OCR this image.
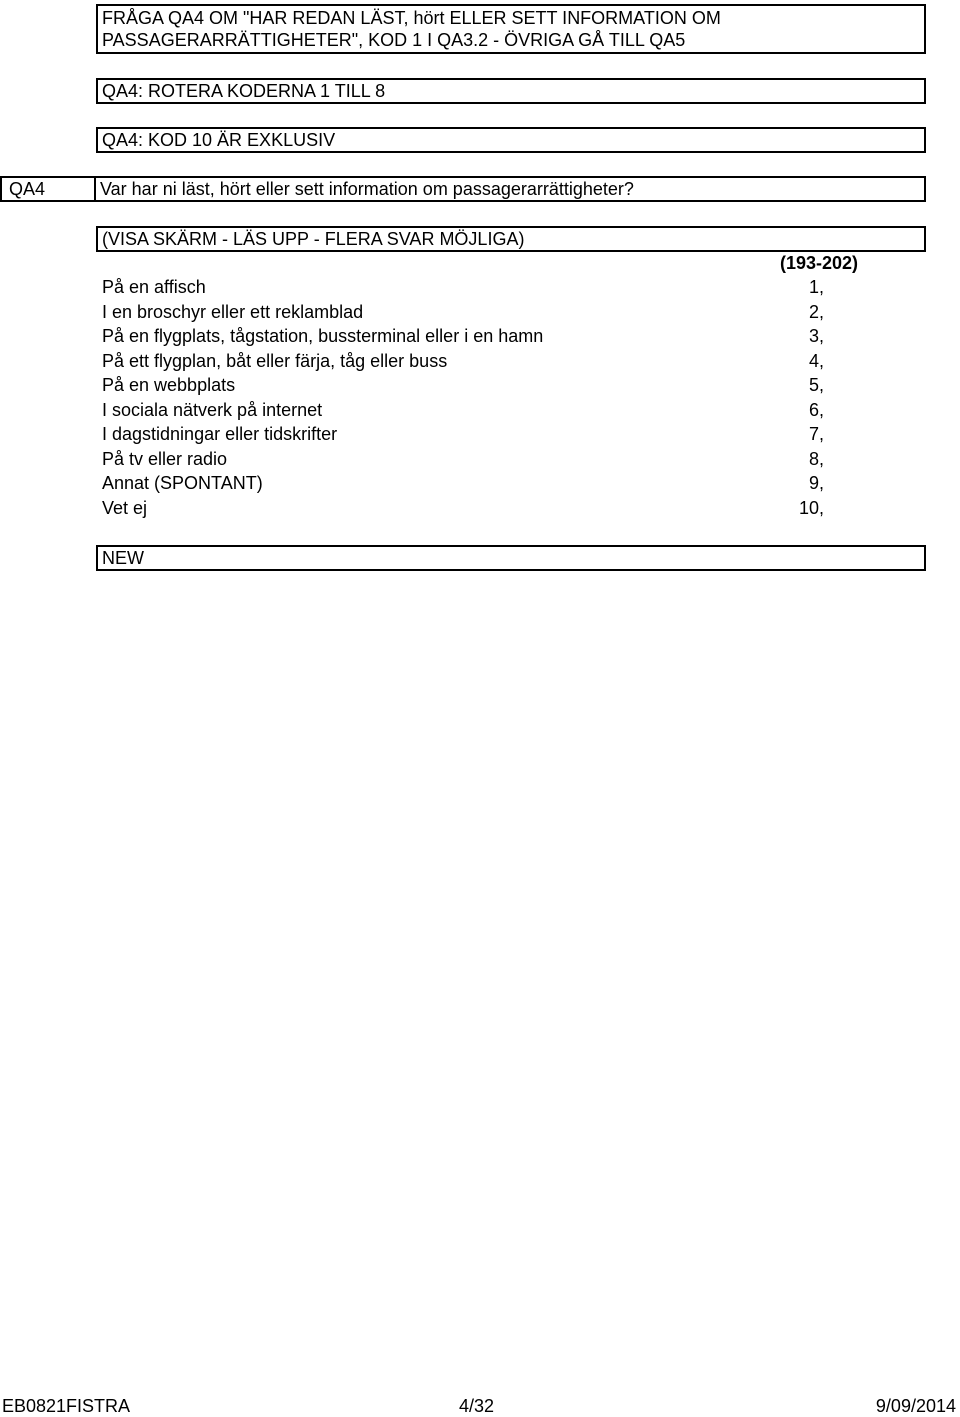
FRÅGA QA4 OM "HAR REDAN LÄST, hört ELLER SETT INFORMATION OM
PASSAGERARRÄTTIGHETER", KOD 1 I QA3.2 - ÖVRIGA GÅ TILL QA5
QA4: ROTERA KODERNA 1 TILL 8
QA4: KOD 10 ÄR EXKLUSIV
QA4	Var har ni läst, hört eller sett information om passagerarrättigheter?
(VISA SKÄRM - LÄS UPP - FLERA SVAR MÖJLIGA)
(193-202)
På en affisch	1,
I en broschyr eller ett reklamblad	2,
På en flygplats, tågstation, bussterminal eller i en hamn	3,
På ett flygplan, båt eller färja, tåg eller buss	4,
På en webbplats	5,
I sociala nätverk på internet	6,
I dagstidningar eller tidskrifter	7,
På tv eller radio	8,
Annat (SPONTANT)	9,
Vet ej	10,
NEW
EB0821FISTRA	4/32	9/09/2014
